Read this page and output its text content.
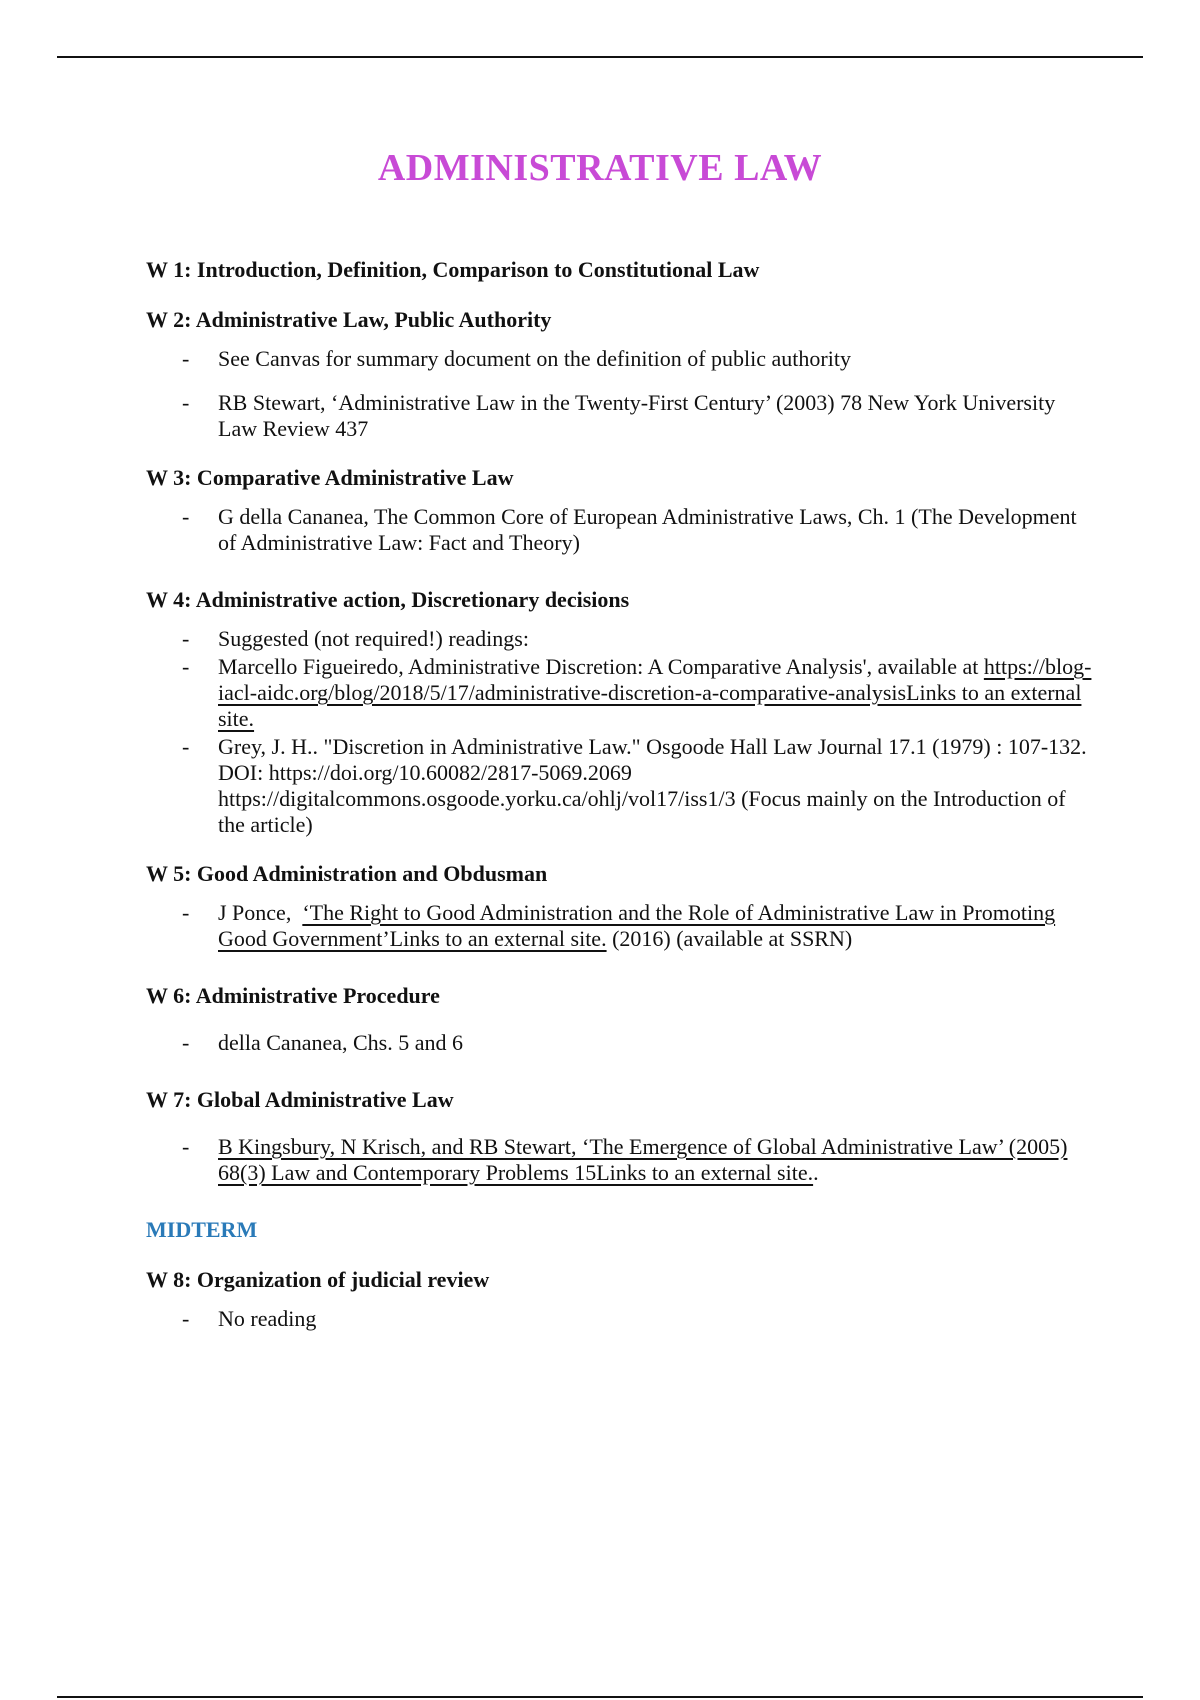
ADMINISTRATIVE LAW

W 1: Introduction, Definition, Comparison to Constitutional Law

W 2: Administrative Law, Public Authority

- See Canvas for summary document on the definition of public authority
- RB Stewart, ‘Administrative Law in the Twenty-First Century’ (2003) 78 New York University Law Review 437

W 3: Comparative Administrative Law

- G della Cananea, The Common Core of European Administrative Laws, Ch. 1 (The Development of Administrative Law: Fact and Theory)

W 4: Administrative action, Discretionary decisions

- Suggested (not required!) readings:
- Marcello Figueiredo, Administrative Discretion: A Comparative Analysis', available at https://blog-iacl-aidc.org/blog/2018/5/17/administrative-discretion-a-comparative-analysisLinks to an external site.
- Grey, J. H.. "Discretion in Administrative Law." Osgoode Hall Law Journal 17.1 (1979) : 107-132. DOI: https://doi.org/10.60082/2817-5069.2069
https://digitalcommons.osgoode.yorku.ca/ohlj/vol17/iss1/3 (Focus mainly on the Introduction of the article)

W 5: Good Administration and Obdusman

- J Ponce,  ‘The Right to Good Administration and the Role of Administrative Law in Promoting Good Government’Links to an external site. (2016) (available at SSRN)

W 6: Administrative Procedure

- della Cananea, Chs. 5 and 6

W 7: Global Administrative Law

- B Kingsbury, N Krisch, and RB Stewart, ‘The Emergence of Global Administrative Law’ (2005) 68(3) Law and Contemporary Problems 15Links to an external site..

MIDTERM

W 8: Organization of judicial review

- No reading
